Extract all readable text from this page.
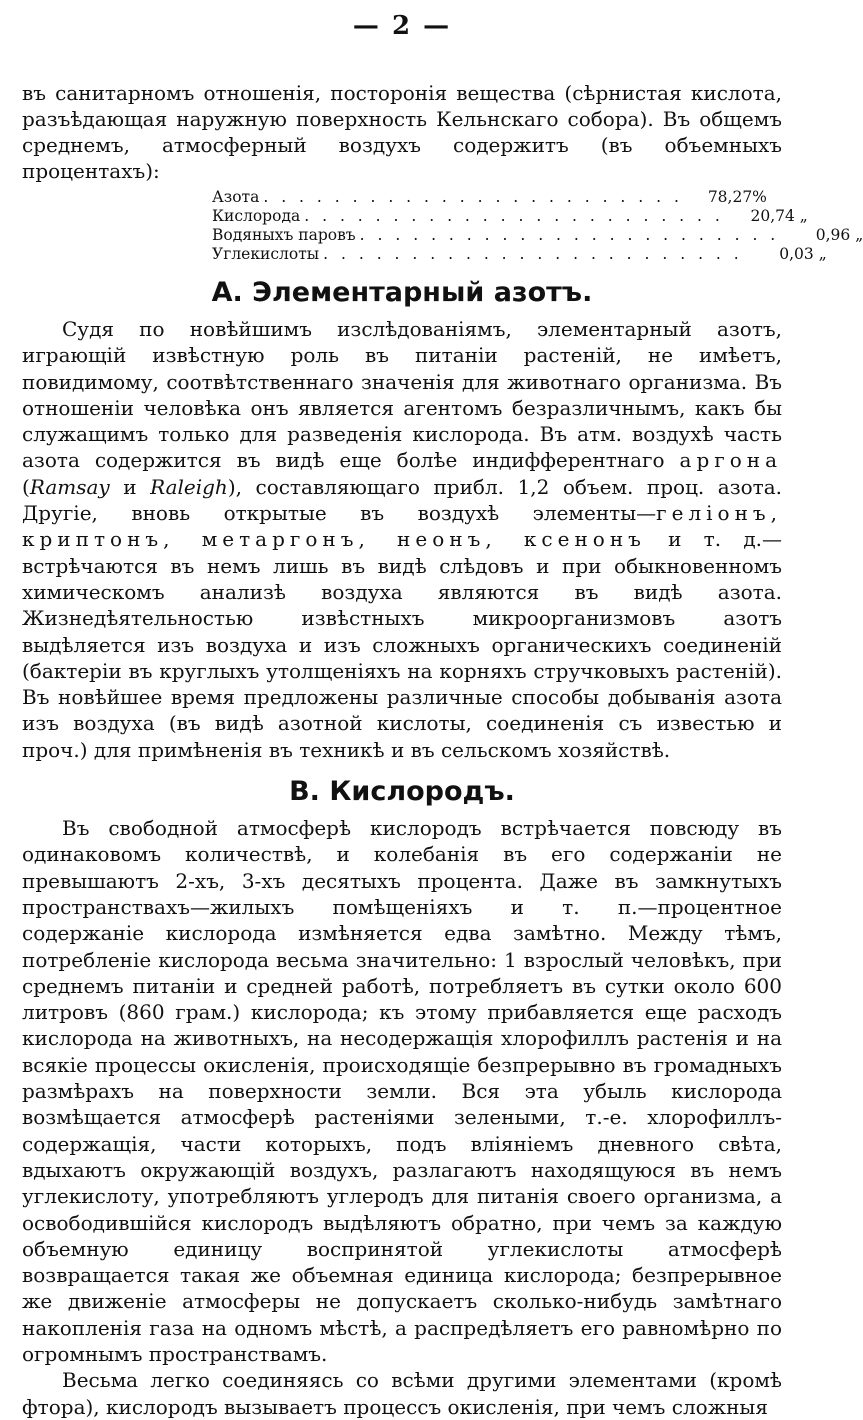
— 2 —

въ санитарномъ отношенія, посторонія вещества (сѣрнистая кислота, разъѣдающая наружную поверхность Кельнскаго собора). Въ общемъ среднемъ, атмосферный воздухъ содержитъ (въ объемныхъ процентахъ):

Азота . . . . . . . . . . . . . . . . . . . . . . . .	78,27%
Кислорода . . . . . . . . . . . . . . . . . . . . . . . .	20,74 „
Водяныхъ паровъ . . . . . . . . . . . . . . . . . . . . . . . .	0,96 „
Углекислоты . . . . . . . . . . . . . . . . . . . . . . . .	0,03 „
А. Элементарный азотъ.

Судя по новѣйшимъ изслѣдованіямъ, элементарный азотъ, играющій извѣстную роль въ питаніи растеній, не имѣетъ, повидимому, соотвѣтственнаго значенія для животнаго организма. Въ отношеніи человѣка онъ является агентомъ безразличнымъ, какъ бы служащимъ только для разведенія кислорода. Въ атм. воздухѣ часть азота содержится въ видѣ еще болѣе индифферентнаго аргона (Ramsay и Raleigh), составляющаго прибл. 1,2 объем. проц. азота. Другіе, вновь открытые въ воздухѣ элементы—гелiонъ, криптонъ, метаргонъ, неонъ, ксенонъ и т. д.—встрѣчаются въ немъ лишь въ видѣ слѣдовъ и при обыкновенномъ химическомъ анализѣ воздуха являются въ видѣ азота. Жизнедѣятельностью извѣстныхъ микроорганизмовъ азотъ выдѣляется изъ воздуха и изъ сложныхъ органическихъ соединеній (бактеріи въ круглыхъ утолщеніяхъ на корняхъ стручковыхъ растеній). Въ новѣйшее время предложены различные способы добыванія азота изъ воздуха (въ видѣ азотной кислоты, соединенія съ известью и проч.) для примѣненія въ техникѣ и въ сельскомъ хозяйствѣ.

B. Кислородъ.

Въ свободной атмосферѣ кислородъ встрѣчается повсюду въ одинаковомъ количествѣ, и колебанія въ его содержаніи не превышаютъ 2-хъ, 3-хъ десятыхъ процента. Даже въ замкнутыхъ пространствахъ—жилыхъ помѣщеніяхъ и т. п.—процентное содержаніе кислорода измѣняется едва замѣтно. Между тѣмъ, потребленіе кислорода весьма значительно: 1 взрослый человѣкъ, при среднемъ питаніи и средней работѣ, потребляетъ въ сутки около 600 литровъ (860 грам.) кислорода; къ этому прибавляется еще расходъ кислорода на животныхъ, на несодержащія хлорофиллъ растенія и на всякіе процессы окисленія, происходящіе безпрерывно въ громадныхъ размѣрахъ на поверхности земли. Вся эта убыль кислорода возмѣщается атмосферѣ растеніями зелеными, т.-е. хлорофиллъ-содержащія, части которыхъ, подъ вліяніемъ дневного свѣта, вдыхаютъ окружающій воздухъ, разлагаютъ находящуюся въ немъ углекислоту, употребляютъ углеродъ для питанія своего организма, а освободившійся кислородъ выдѣляютъ обратно, при чемъ за каждую объемную единицу воспринятой углекислоты атмосферѣ возвращается такая же объемная единица кислорода; безпрерывное же движеніе атмосферы не допускаетъ сколько-нибудь замѣтнаго накопленія газа на одномъ мѣстѣ, а распредѣляетъ его равномѣрно по огромнымъ пространствамъ.

Весьма легко соединяясь со всѣми другими элементами (кромѣ фтора), кислородъ вызываетъ процессъ окисленія, при чемъ сложныя
